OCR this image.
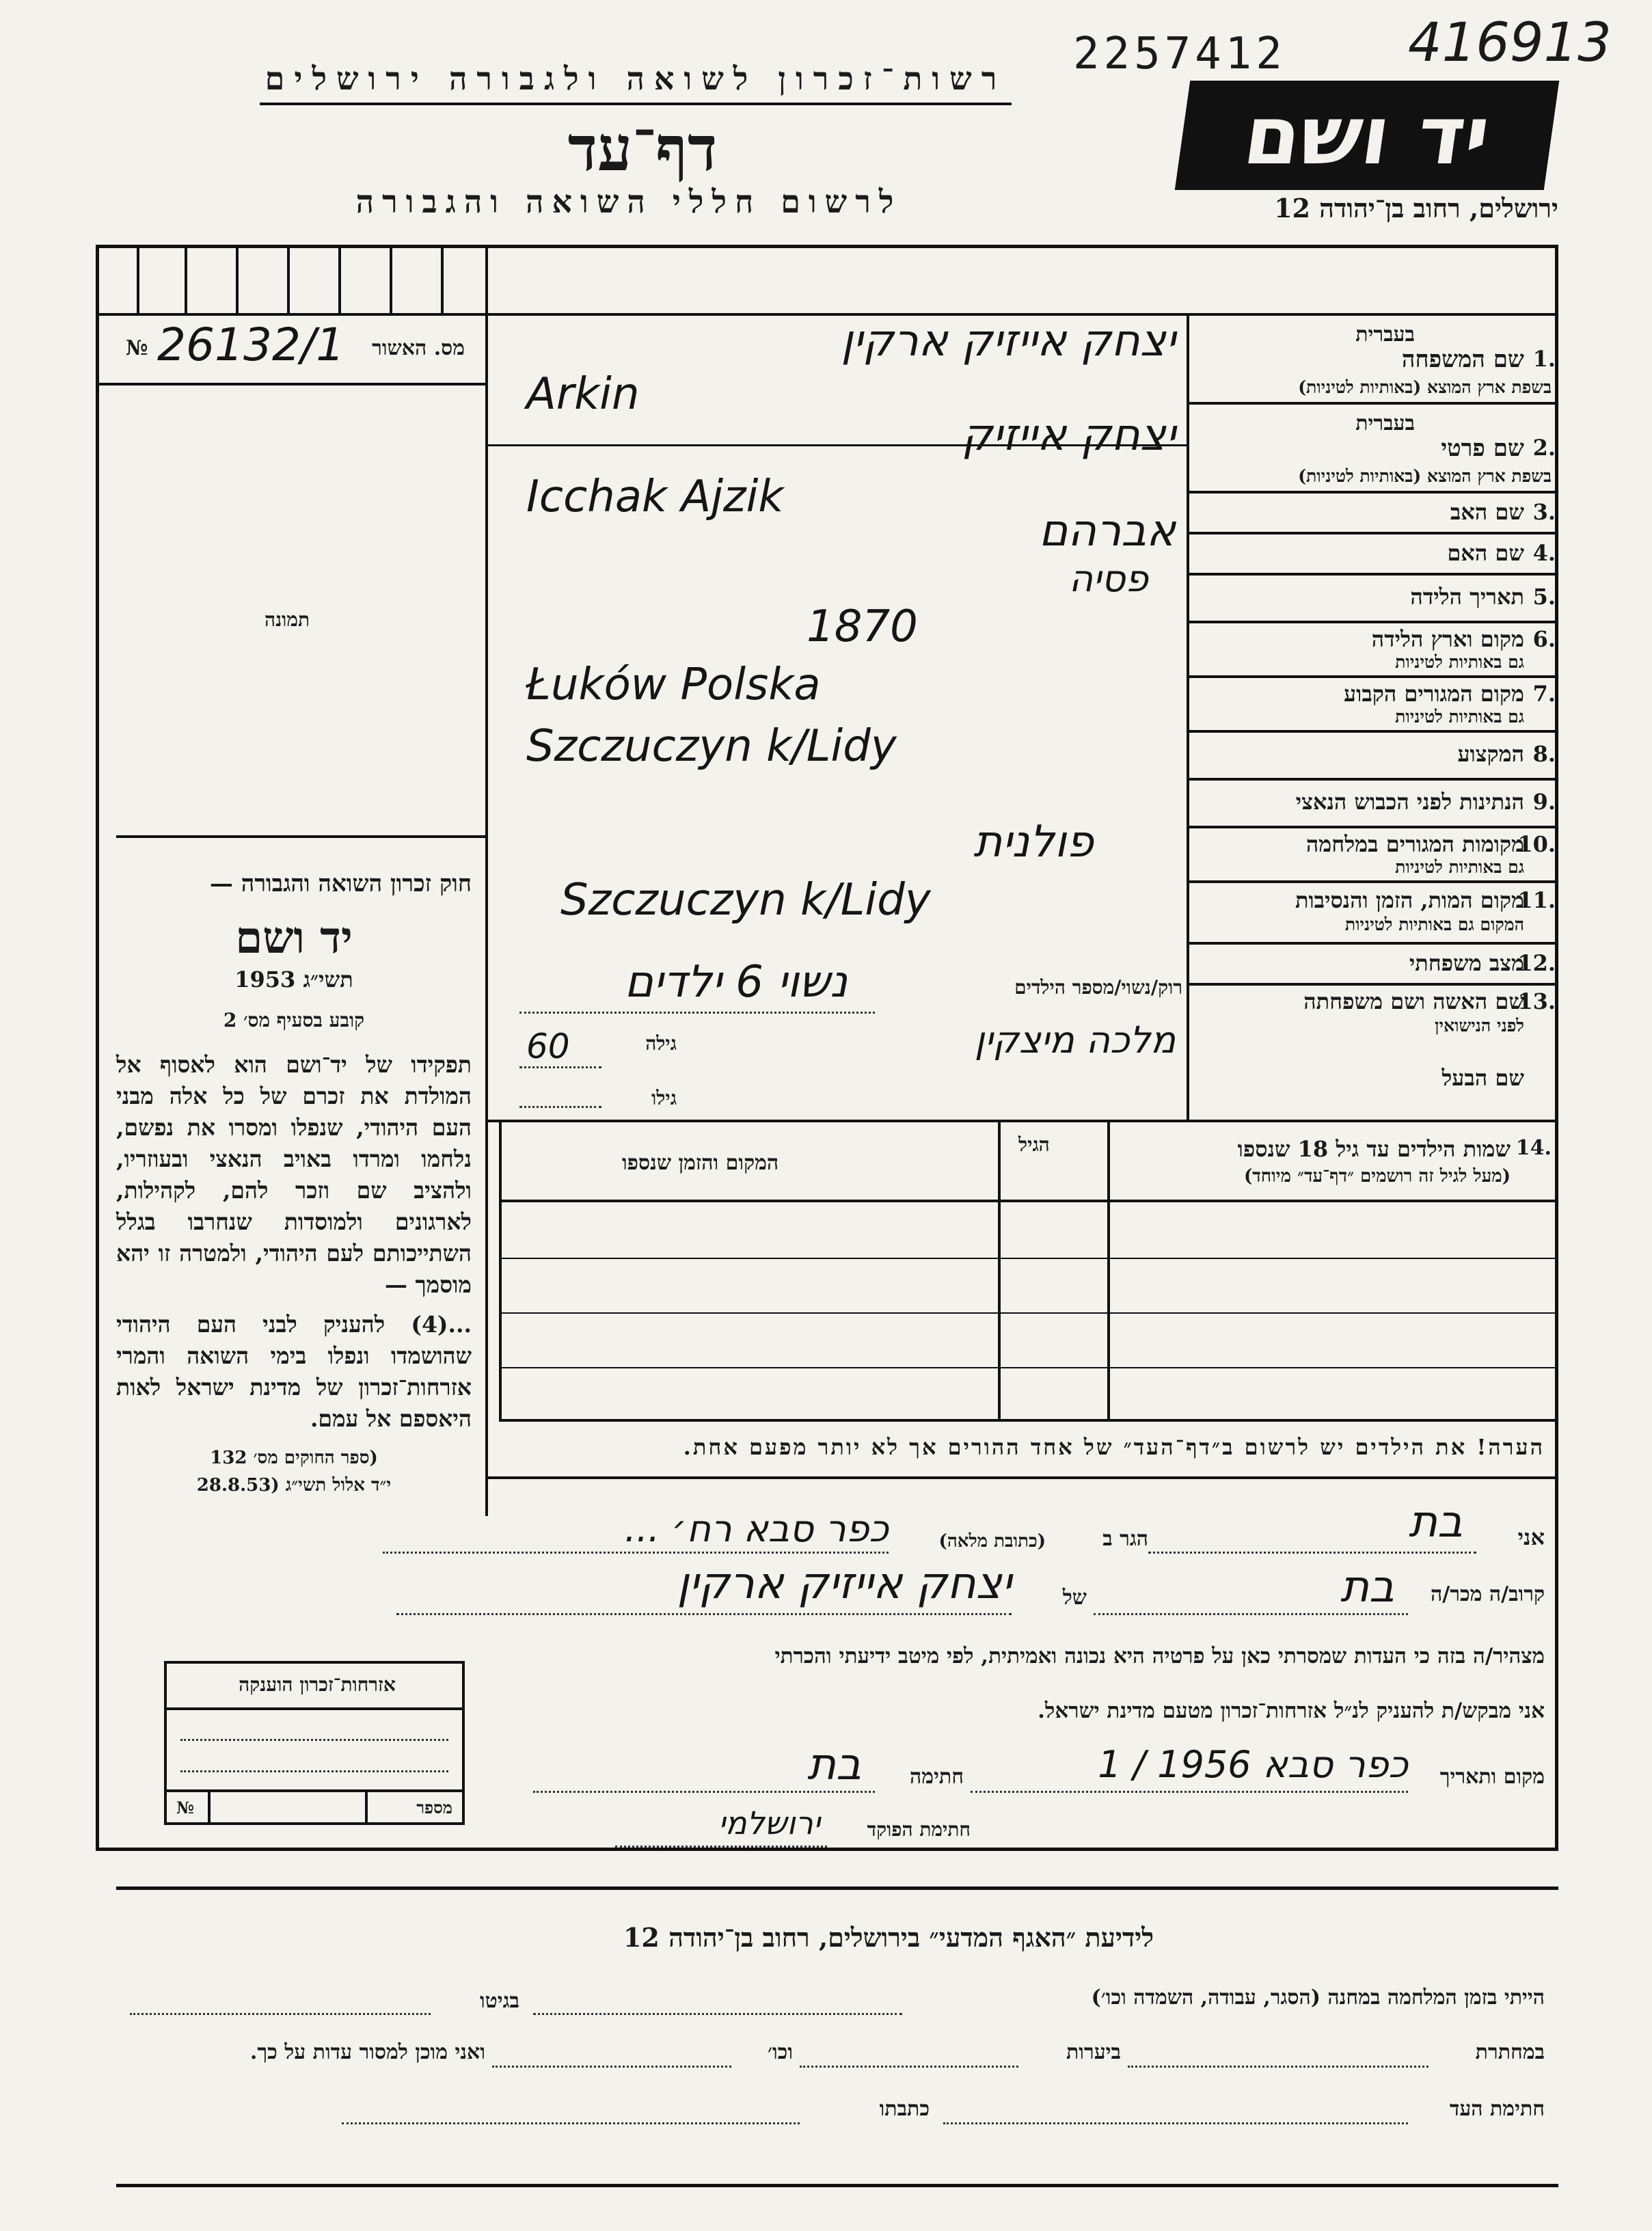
רשות־זכרון לשואה ולגבורה ירושלים
דף־עד
לרשום חללי השואה והגבורה
2257412 416913
יד ושם
ירושלים, רחוב בן־יהודה 12
מס. האשור
26132/1
№
תמונה
חוק זכרון השואה והגבורה —
יד ושם
תשי״ג 1953
קובע בסעיף מס׳ 2
תפקידו של יד־ושם הוא לאסוף אל המולדת את זכרם של כל אלה מבני העם היהודי, שנפלו ומסרו את נפשם, נלחמו ומרדו באויב הנאצי ובעוזריו, ולהציב שם וזכר להם, לקהילות, לארגונים ולמוסדות שנחרבו בגלל השתייכותם לעם היהודי, ולמטרה זו יהא מוסמך —
...(4) להעניק לבני העם היהודי שהושמדו ונפלו בימי השואה והמרי אזרחות־זכרון של מדינת ישראל לאות היאספם אל עמם.
(ספר החוקים מס׳ 132
י״ד אלול תשי״ג (28.8.53
בעברית
שם המשפחה 1.
בשפת ארץ המוצא (באותיות לטיניות)
בעברית
שם פרטי 2.
בשפת ארץ המוצא (באותיות לטיניות)
שם האב 3.
שם האם 4.
תאריך הלידה 5.
מקום וארץ הלידה 6.
גם באותיות לטיניות
מקום המגורים הקבוע 7.
גם באותיות לטיניות
המקצוע 8.
הנתינות לפני הכבוש הנאצי 9.
מקומות המגורים במלחמה
10.
גם באותיות לטיניות
מקום המות, הזמן והנסיבות
11.
המקום גם באותיות לטיניות
מצב משפחתי
12.
שם האשה ושם משפחתה
13.
לפני הנישואין
שם הבעל
יצחק אייזיק ארקין
Arkin
יצחק אייזיק
Icchak Ajzik
אברהם
פסיה
1870
Łuków Polska
Szczuczyn k/Lidy
פולנית
Szczuczyn k/Lidy
רוק/נשוי/מספר הילדים
נשוי 6 ילדים
מלכה מיצקין
גילה
60
גילו
14.
שמות הילדים עד גיל 18 שנספו
(מעל לגיל זה רושמים ״דף־עד״ מיוחד)
הגיל
המקום והזמן שנספו
הערה! את הילדים יש לרשום ב״דף־העד״ של אחד ההורים אך לא יותר מפעם אחת.
אני
בת
הגר ב
(כתובת מלאה)
כפר סבא רח׳ ...
קרוב/ה מכר/ה
בת
של
יצחק אייזיק ארקין
מצהיר/ה בזה כי העדות שמסרתי כאן על פרטיה היא נכונה ואמיתית, לפי מיטב ידיעתי והכרתי
אני מבקש/ת להעניק לנ״ל אזרחות־זכרון מטעם מדינת ישראל.
מקום ותאריך
כפר סבא 1956 / 1
חתימה
בת
חתימת הפוקד
ירושלמי
אזרחות־זכרון הוענקה
מספר
№
לידיעת ״האגף המדעי״ בירושלים, רחוב בן־יהודה 12
הייתי בזמן המלחמה במחנה (הסגר, עבודה, השמדה וכו׳)
בגיטו
במחתרת
ביערות
וכו׳
ואני מוכן למסור עדות על כך.
חתימת העד
כתבתו
